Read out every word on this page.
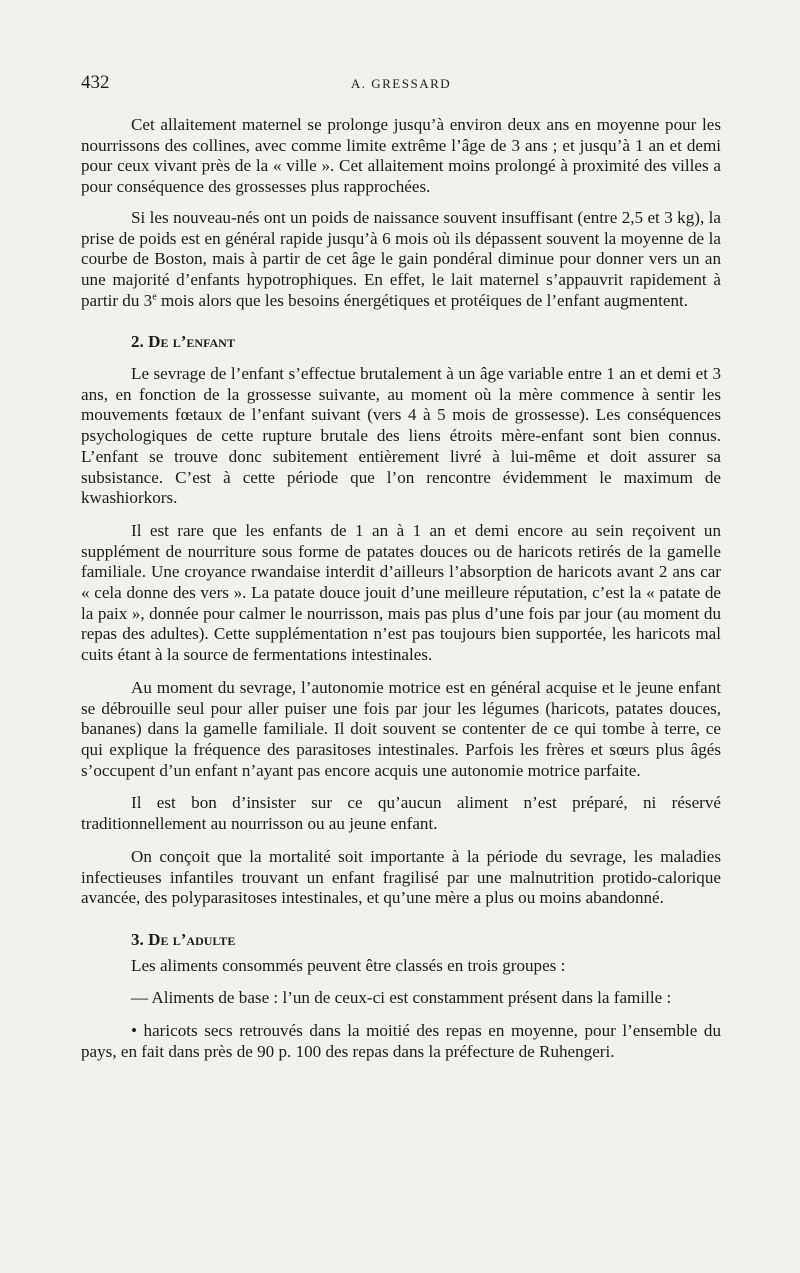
432	A. GRESSARD

Cet allaitement maternel se prolonge jusqu’à environ deux ans en moyenne pour les nourrissons des collines, avec comme limite extrême l’âge de 3 ans ; et jusqu’à 1 an et demi pour ceux vivant près de la « ville ». Cet allaitement moins prolongé à proximité des villes a pour conséquence des grossesses plus rapprochées.

Si les nouveau-nés ont un poids de naissance souvent insuffisant (entre 2,5 et 3 kg), la prise de poids est en général rapide jusqu’à 6 mois où ils dépassent souvent la moyenne de la courbe de Boston, mais à partir de cet âge le gain pondéral diminue pour donner vers un an une majorité d’enfants hypotrophiques. En effet, le lait maternel s’appauvrit rapidement à partir du 3e mois alors que les besoins énergétiques et protéiques de l’enfant augmentent.

2. De l’enfant

Le sevrage de l’enfant s’effectue brutalement à un âge variable entre 1 an et demi et 3 ans, en fonction de la grossesse suivante, au moment où la mère commence à sentir les mouvements fœtaux de l’enfant suivant (vers 4 à 5 mois de grossesse). Les conséquences psychologiques de cette rupture brutale des liens étroits mère-enfant sont bien connus. L’enfant se trouve donc subitement entièrement livré à lui-même et doit assurer sa subsistance. C’est à cette période que l’on rencontre évidemment le maximum de kwashiorkors.

Il est rare que les enfants de 1 an à 1 an et demi encore au sein reçoivent un supplément de nourriture sous forme de patates douces ou de haricots retirés de la gamelle familiale. Une croyance rwandaise interdit d’ailleurs l’absorption de haricots avant 2 ans car « cela donne des vers ». La patate douce jouit d’une meilleure réputation, c’est la « patate de la paix », donnée pour calmer le nourrisson, mais pas plus d’une fois par jour (au moment du repas des adultes). Cette supplémentation n’est pas toujours bien supportée, les haricots mal cuits étant à la source de fermentations intestinales.

Au moment du sevrage, l’autonomie motrice est en général acquise et le jeune enfant se débrouille seul pour aller puiser une fois par jour les légumes (haricots, patates douces, bananes) dans la gamelle familiale. Il doit souvent se contenter de ce qui tombe à terre, ce qui explique la fréquence des parasitoses intestinales. Parfois les frères et sœurs plus âgés s’occupent d’un enfant n’ayant pas encore acquis une autonomie motrice parfaite.

Il est bon d’insister sur ce qu’aucun aliment n’est préparé, ni réservé traditionnellement au nourrisson ou au jeune enfant.

On conçoit que la mortalité soit importante à la période du sevrage, les maladies infectieuses infantiles trouvant un enfant fragilisé par une malnutrition protido-calorique avancée, des polyparasitoses intestinales, et qu’une mère a plus ou moins abandonné.

3. De l’adulte

Les aliments consommés peuvent être classés en trois groupes :

— Aliments de base : l’un de ceux-ci est constamment présent dans la famille :

• haricots secs retrouvés dans la moitié des repas en moyenne, pour l’ensemble du pays, en fait dans près de 90 p. 100 des repas dans la préfecture de Ruhengeri.
